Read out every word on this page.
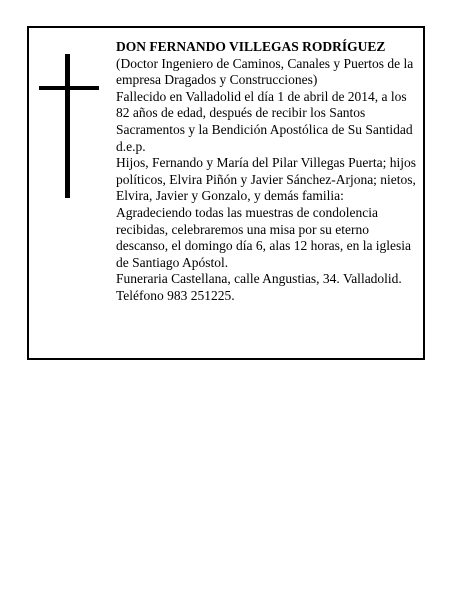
DON FERNANDO VILLEGAS RODRÍGUEZ

(Doctor Ingeniero de Caminos, Canales y Puertos de la empresa Dragados y Construcciones)

Fallecido en Valladolid el día 1 de abril de 2014, a los 82 años de edad, después de recibir los Santos Sacramentos y la Bendición Apostólica de Su Santidad

d.e.p.

Hijos, Fernando y María del Pilar Villegas Puerta; hijos políticos, Elvira Piñón y Javier Sánchez-Arjona; nietos, Elvira, Javier y Gonzalo, y demás familia:

Agradeciendo todas las muestras de condolencia recibidas, celebraremos una misa por su eterno descanso, el domingo día 6, alas 12 horas, en la iglesia de Santiago Apóstol.

Funeraria Castellana, calle Angustias, 34. Valladolid.

Teléfono 983 251225.
